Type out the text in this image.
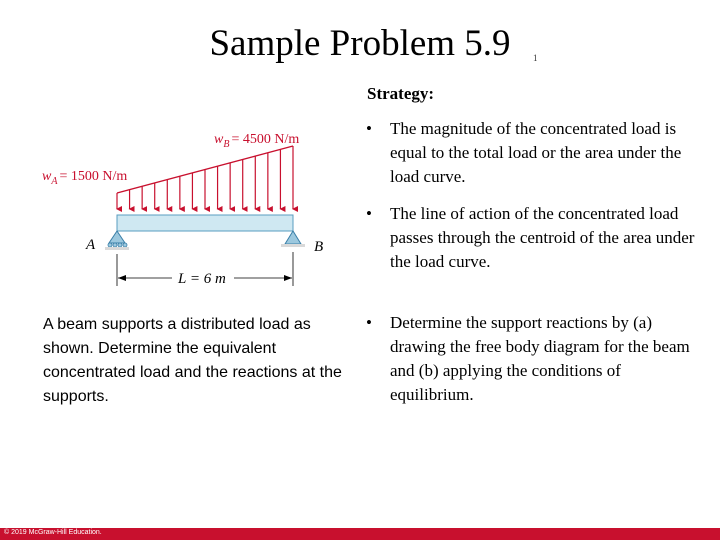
Sample Problem 5.9	1
Strategy:
• The magnitude of the concentrated load is equal to the total load or the area under the load curve.
• The line of action of the concentrated load passes through the centroid of the area under the load curve.
• Determine the support reactions by (a) drawing the free body diagram for the beam and (b) applying the conditions of equilibrium.
A beam supports a distributed load as shown. Determine the equivalent concentrated load and the reactions at the supports.
A	B
$w_B = 4500$ N/m
$w_A = 1500$ N/m
L = 6 m
© 2019 McGraw-Hill Education.
